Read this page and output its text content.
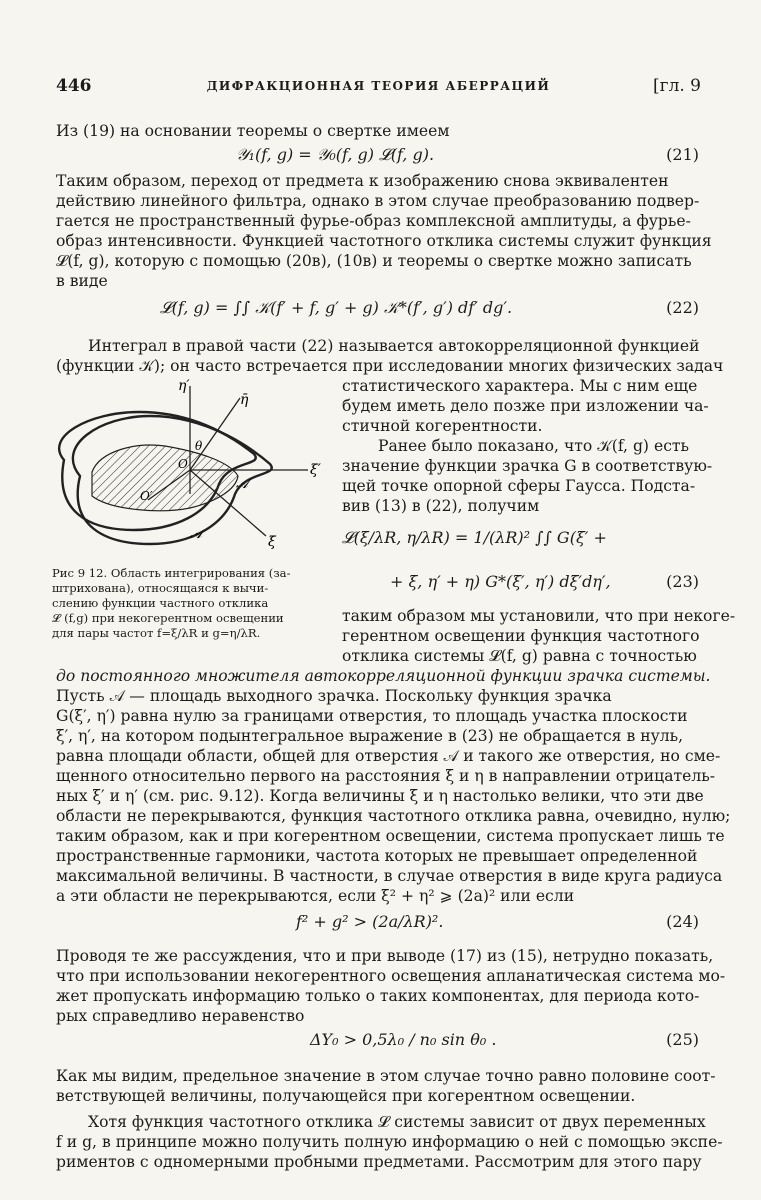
446	ДИФРАКЦИОННАЯ ТЕОРИЯ АБЕРРАЦИЙ	[гл. 9
Из (19) на основании теоремы о свертке имеем
𝒴₁(f, g) = 𝒴₀(f, g) 𝓛(f, g).	(21)
Таким образом, переход от предмета к изображению снова эквивалентен
действию линейного фильтра, однако в этом случае преобразованию подвер-
гается не пространственный фурье-образ комплексной амплитуды, а фурье-
образ интенсивности. Функцией частотного отклика системы служит функция
𝓛(f, g), которую с помощью (20в), (10в) и теоремы о свертке можно записать
в виде
𝓛(f, g) = ∫∫ 𝒦(f′ + f, g′ + g) 𝒦*(f′, g′) df′ dg′.	(22)
Интеграл в правой части (22) называется автокорреляционной функцией
(функции 𝒦); он часто встречается при исследовании многих физических задач
η′
η̄
ξ′
ξ̄
O
θ
𝒜
𝒜
O′
Рис 9 12. Область интегрирования (за-
штрихована), относящаяся к вычи-
слению функции частного отклика
𝓛 (f,g) при некогерентном освещении
для пары частот f=ξ/λR и g=η/λR.
статистического характера. Мы с ним еще
будем иметь дело позже при изложении ча-
стичной когерентности.
Ранее было показано, что 𝒦(f, g) есть
значение функции зрачка G в соответствую-
щей точке опорной сферы Гаусса. Подста-
вив (13) в (22), получим
𝓛(ξ/λR, η/λR) = 1/(λR)² ∫∫ G(ξ′ +
+ ξ, η′ + η) G*(ξ′, η′) dξ′dη′,	(23)
таким образом мы установили, что при некоге-
герентном освещении функция частотного
отклика системы 𝓛(f, g) равна с точностью
до постоянного множителя автокорреляционной функции зрачка системы.
Пусть 𝒜 — площадь выходного зрачка. Поскольку функция зрачка
G(ξ′, η′) равна нулю за границами отверстия, то площадь участка плоскости
ξ′, η′, на котором подынтегральное выражение в (23) не обращается в нуль,
равна площади области, общей для отверстия 𝒜 и такого же отверстия, но сме-
щенного относительно первого на расстояния ξ и η в направлении отрицатель-
ных ξ′ и η′ (см. рис. 9.12). Когда величины ξ и η настолько велики, что эти две
области не перекрываются, функция частотного отклика равна, очевидно, нулю;
таким образом, как и при когерентном освещении, система пропускает лишь те
пространственные гармоники, частота которых не превышает определенной
максимальной величины. В частности, в случае отверстия в виде круга радиуса
a эти области не перекрываются, если ξ² + η² ⩾ (2a)² или если
f² + g² > (2a/λR)².	(24)
Проводя те же рассуждения, что и при выводе (17) из (15), нетрудно показать,
что при использовании некогерентного освещения апланатическая система мо-
жет пропускать информацию только о таких компонентах, для периода кото-
рых справедливо неравенство
ΔY₀ > 0,5λ₀ / n₀ sin θ₀ .	(25)
Как мы видим, предельное значение в этом случае точно равно половине соот-
ветствующей величины, получающейся при когерентном освещении.
Хотя функция частотного отклика 𝓛 системы зависит от двух переменных
f и g, в принципе можно получить полную информацию о ней с помощью экспе-
риментов с одномерными пробными предметами. Рассмотрим для этого пару
